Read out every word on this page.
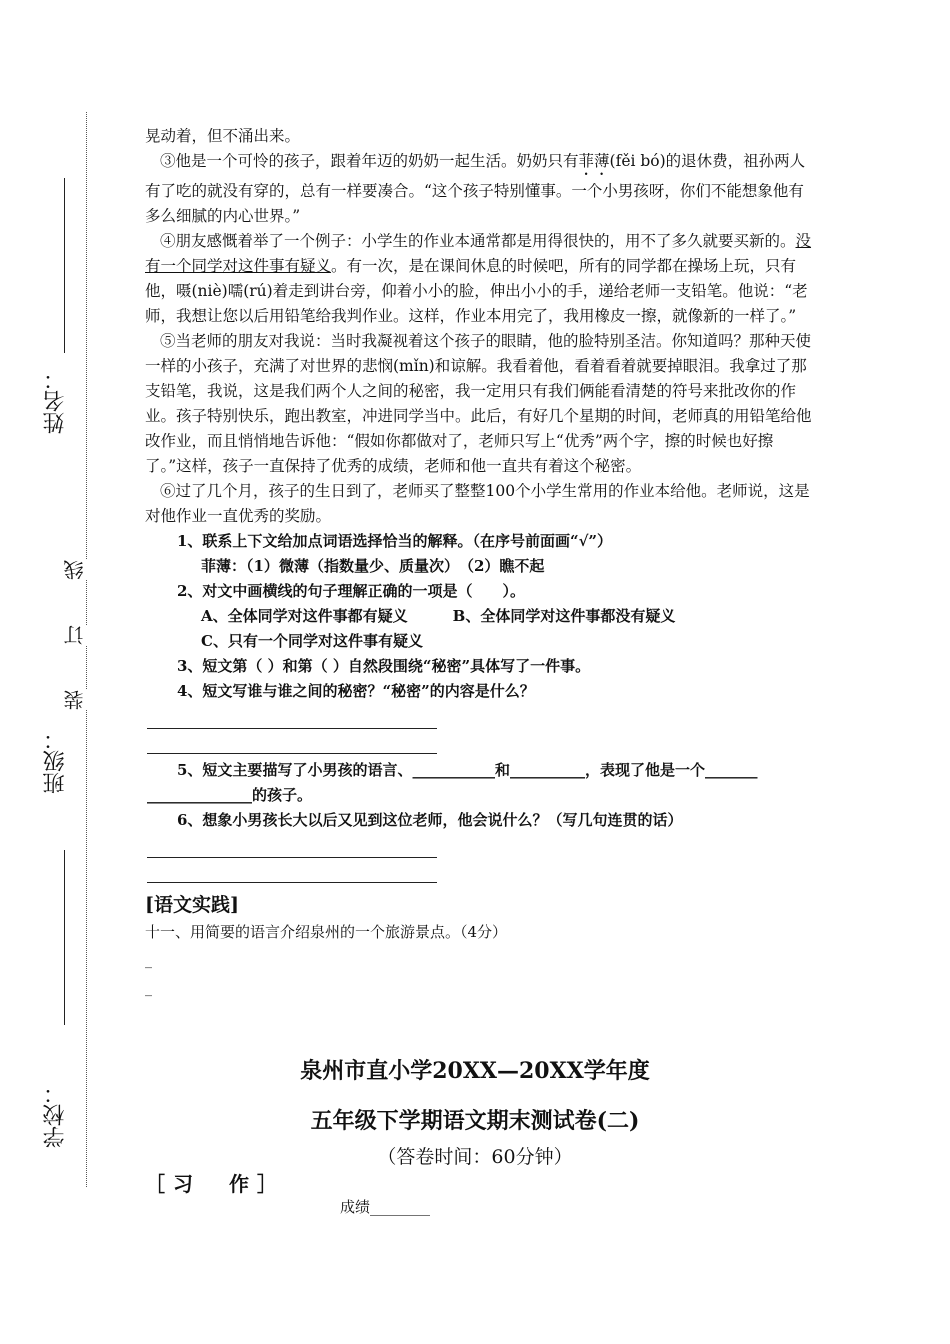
姓名：
线
订
装
班级：
学校：

晃动着，但不涌出来。

③他是一个可怜的孩子，跟着年迈的奶奶一起生活。奶奶只有菲薄(fěi bó)的退休费，祖孙两人有了吃的就没有穿的，总有一样要凑合。“这个孩子特别懂事。一个小男孩呀，你们不能想象他有多么细腻的内心世界。”

④朋友感慨着举了一个例子：小学生的作业本通常都是用得很快的，用不了多久就要买新的。没有一个同学对这件事有疑义。有一次，是在课间休息的时候吧，所有的同学都在操场上玩，只有他，嗫(niè)嚅(rú)着走到讲台旁，仰着小小的脸，伸出小小的手，递给老师一支铅笔。他说：“老师，我想让您以后用铅笔给我判作业。这样，作业本用完了，我用橡皮一擦，就像新的一样了。”

⑤当老师的朋友对我说：当时我凝视着这个孩子的眼睛，他的脸特别圣洁。你知道吗？那种天使一样的小孩子，充满了对世界的悲悯(mǐn)和谅解。我看着他，看着看着就要掉眼泪。我拿过了那支铅笔，我说，这是我们两个人之间的秘密，我一定用只有我们俩能看清楚的符号来批改你的作业。孩子特别快乐，跑出教室，冲进同学当中。此后，有好几个星期的时间，老师真的用铅笔给他改作业，而且悄悄地告诉他：“假如你都做对了，老师只写上“优秀”两个字，擦的时候也好擦了。”这样，孩子一直保持了优秀的成绩，老师和他一直共有着这个秘密。

⑥过了几个月，孩子的生日到了，老师买了整整100个小学生常用的作业本给他。老师说，这是对他作业一直优秀的奖励。

1、联系上下文给加点词语选择恰当的解释。（在序号前面画“√”）

菲薄：（1）微薄（指数量少、质量次）　（2）瞧不起

2、对文中画横线的句子理解正确的一项是（　　）。

A、全体同学对这件事都有疑义　　　B、全体同学对这件事都没有疑义

C、只有一个同学对这件事有疑义

3、短文第（ ）和第（ ）自然段围绕“秘密”具体写了一件事。

4、短文写谁与谁之间的秘密？“秘密”的内容是什么？

5、短文主要描写了小男孩的语言、___________和__________，表现了他是一个_______

______________的孩子。

6、想象小男孩长大以后又见到这位老师，他会说什么？（写几句连贯的话）

[语文实践]

十一、用简要的语言介绍泉州的一个旅游景点。（4分）

_

_

泉州市直小学20XX—20XX学年度
五年级下学期语文期末测试卷(二)
（答卷时间：60分钟）
［习　作］
成绩________
